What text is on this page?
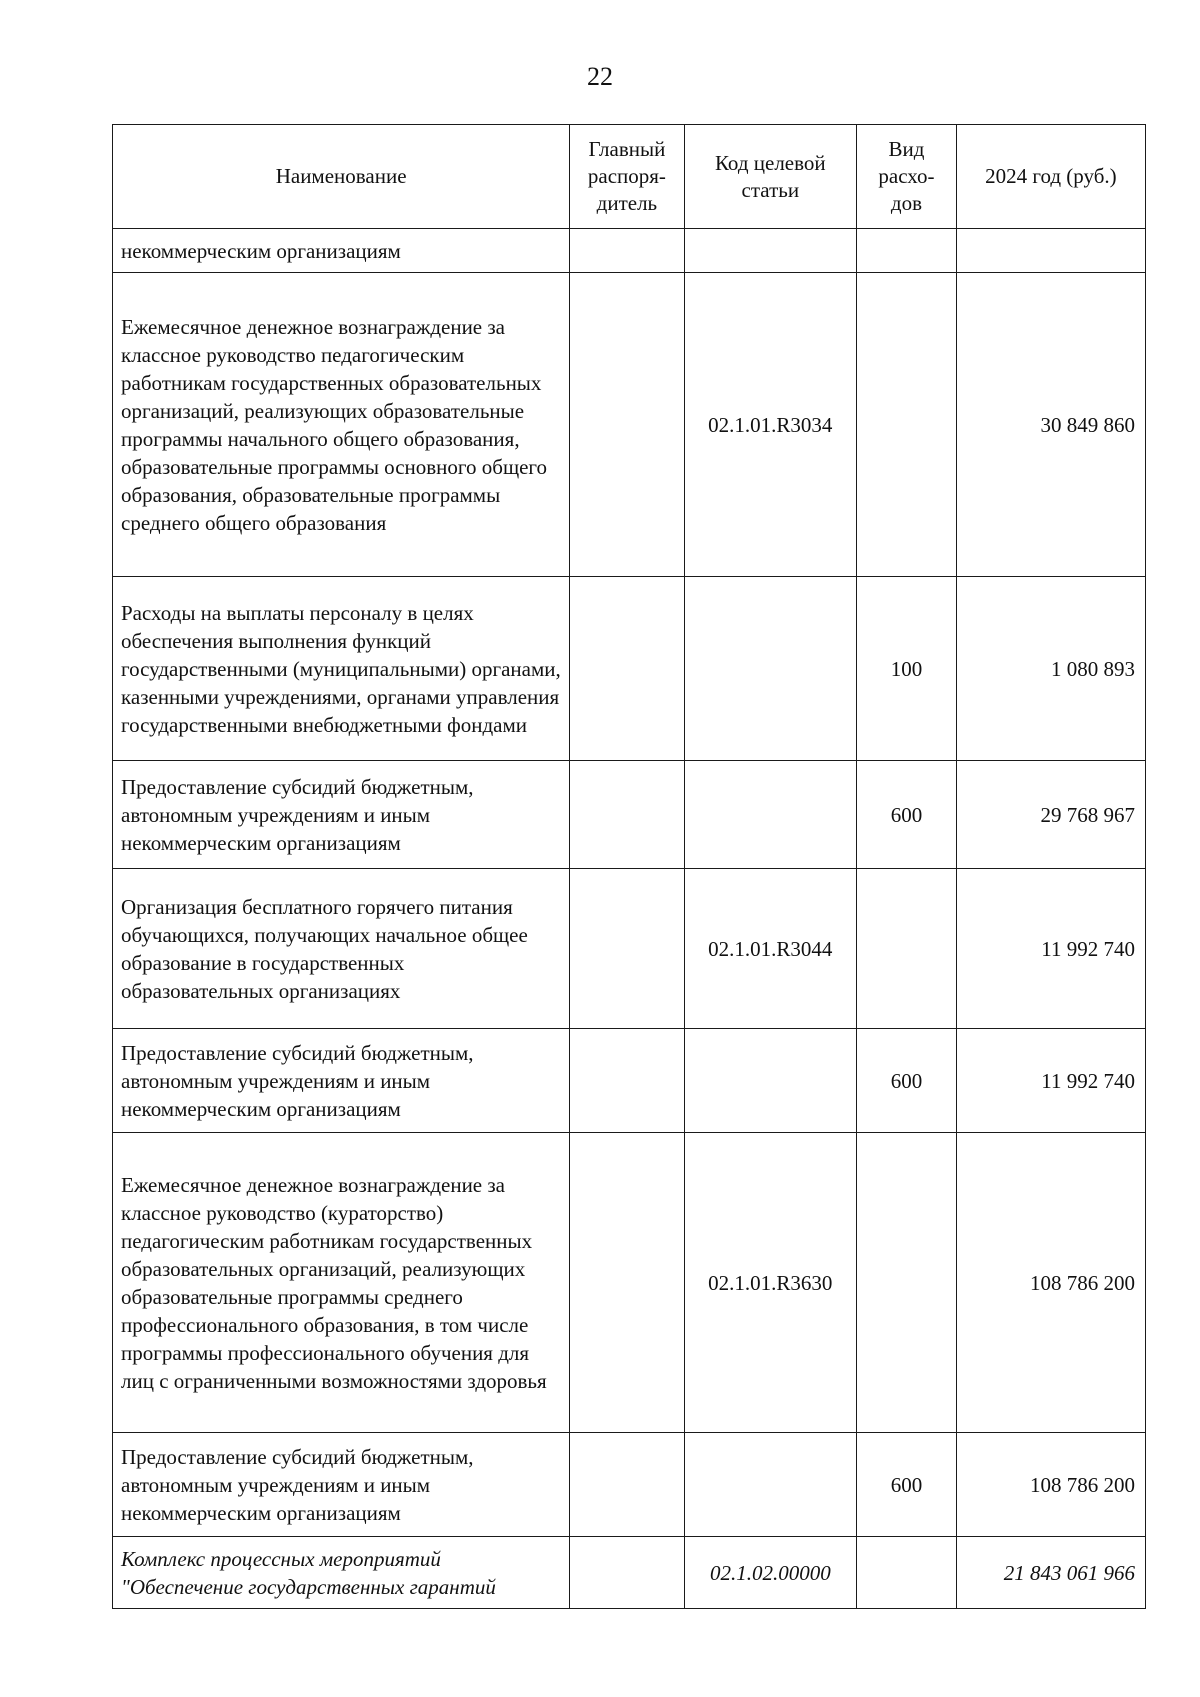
22
Наименование	Главный распоря- дитель	Код целевой статьи	Вид расхо- дов	2024 год (руб.)
некоммерческим организациям				
Ежемесячное денежное вознаграждение за классное руководство педагогическим работникам государственных образовательных организаций, реализующих образовательные программы начального общего образования, образовательные программы основного общего образования, образовательные программы среднего общего образования		02.1.01.R3034		30 849 860
Расходы на выплаты персоналу в целях обеспечения выполнения функций государственными (муниципальными) органами, казенными учреждениями, органами управления государственными внебюджетными фондами			100	1 080 893
Предоставление субсидий бюджетным, автономным учреждениям и иным некоммерческим организациям			600	29 768 967
Организация бесплатного горячего питания обучающихся, получающих начальное общее образование в государственных образовательных организациях		02.1.01.R3044		11 992 740
Предоставление субсидий бюджетным, автономным учреждениям и иным некоммерческим организациям			600	11 992 740
Ежемесячное денежное вознаграждение за классное руководство (кураторство) педагогическим работникам государственных образовательных организаций, реализующих образовательные программы среднего профессионального образования, в том числе программы профессионального обучения для лиц с ограниченными возможностями здоровья		02.1.01.R3630		108 786 200
Предоставление субсидий бюджетным, автономным учреждениям и иным некоммерческим организациям			600	108 786 200
Комплекс процессных мероприятий "Обеспечение государственных гарантий		02.1.02.00000		21 843 061 966
